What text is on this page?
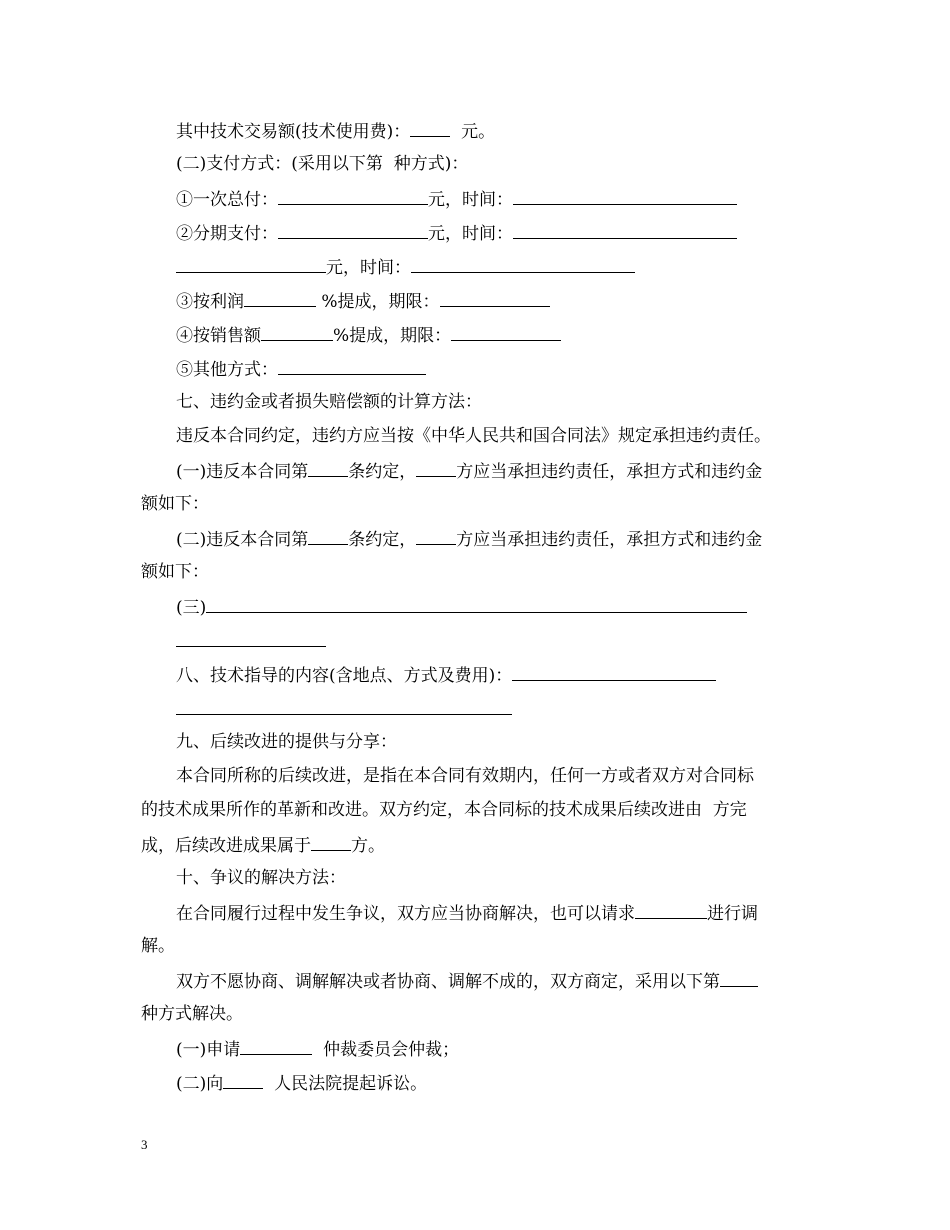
其中技术交易额(技术使用费)：	元。
(二)支付方式：(采用以下第  种方式)：
①一次总付：	元，时间：
②分期支付：	元，时间：
元，时间：
③按利润	%提成，期限：
④按销售额	%提成，期限：
⑤其他方式：
七、违约金或者损失赔偿额的计算方法：
违反本合同约定，违约方应当按《中华人民共和国合同法》规定承担违约责任。
(一)违反本合同第 条约定， 方应当承担违约责任，承担方式和违约金
额如下：
(二)违反本合同第 条约定， 方应当承担违约责任，承担方式和违约金
额如下：
(三)
八、技术指导的内容(含地点、方式及费用)：
九、后续改进的提供与分享：
本合同所称的后续改进，是指在本合同有效期内，任何一方或者双方对合同标
的技术成果所作的革新和改进。双方约定，本合同标的技术成果后续改进由  方完
成，后续改进成果属于 方。
十、争议的解决方法：
在合同履行过程中发生争议，双方应当协商解决，也可以请求	进行调
解。
双方不愿协商、调解解决或者协商、调解不成的，双方商定，采用以下第
种方式解决。
(一)申请	仲裁委员会仲裁；
(二)向	人民法院提起诉讼。
3
